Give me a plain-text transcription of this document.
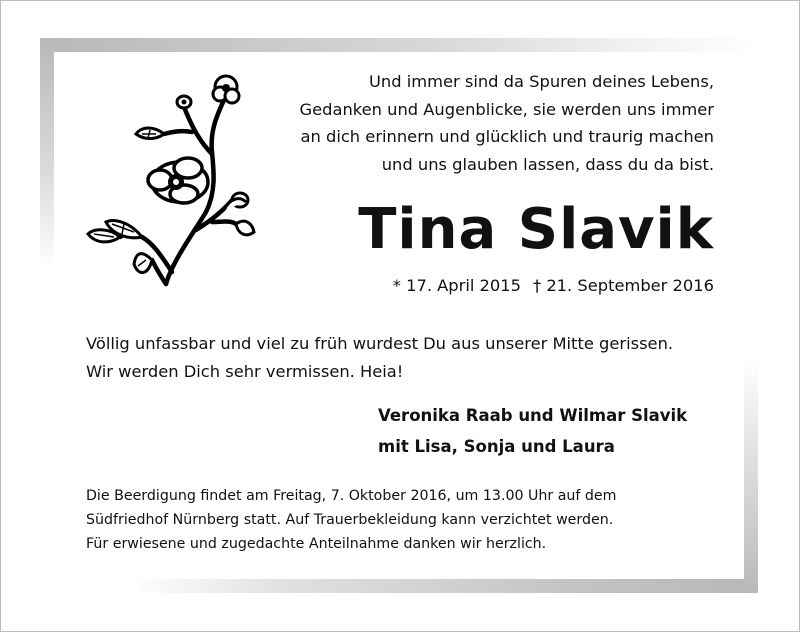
Und immer sind da Spuren deines Lebens,
Gedanken und Augenblicke, sie werden uns immer
an dich erinnern und glücklich und traurig machen
und uns glauben lassen, dass du da bist.
Tina Slavik
* 17. April 2015 † 21. September 2016
Völlig unfassbar und viel zu früh wurdest Du aus unserer Mitte gerissen.
Wir werden Dich sehr vermissen. Heia!
Veronika Raab und Wilmar Slavik
mit Lisa, Sonja und Laura
Die Beerdigung findet am Freitag, 7. Oktober 2016, um 13.00 Uhr auf dem
Südfriedhof Nürnberg statt. Auf Trauerbekleidung kann verzichtet werden.
Für erwiesene und zugedachte Anteilnahme danken wir herzlich.
